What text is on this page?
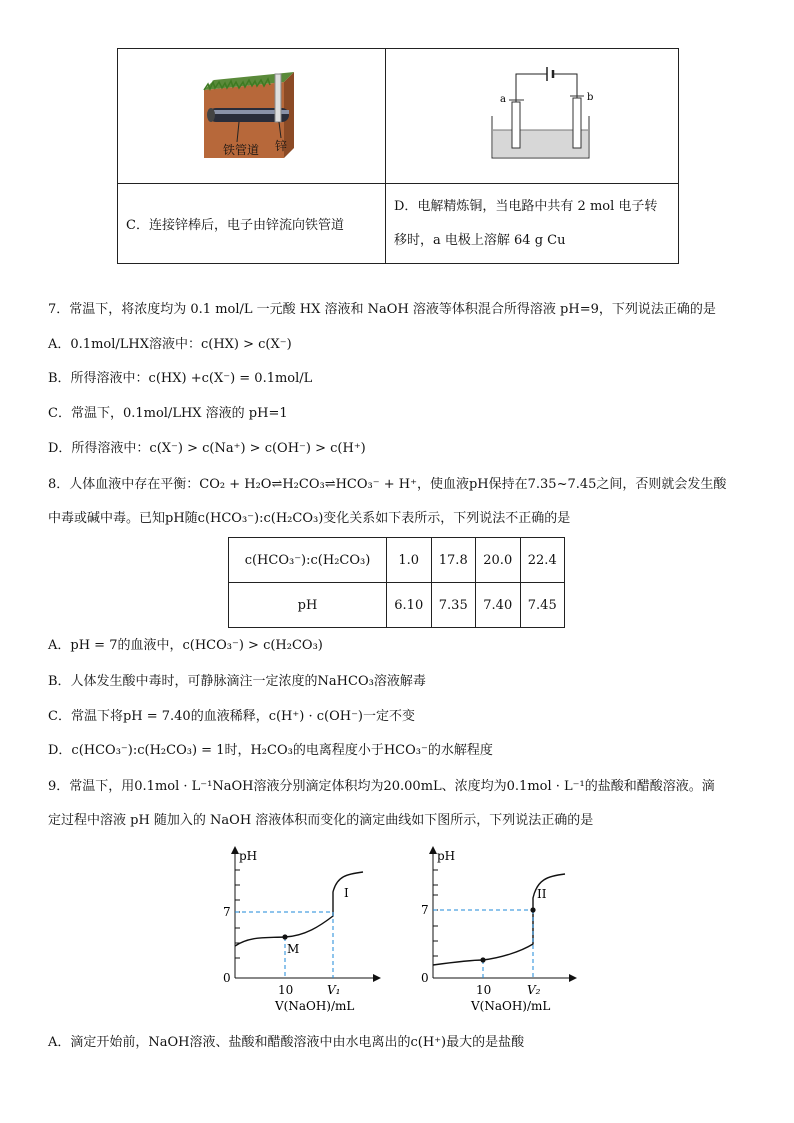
铁管道 锌	a b

C．连接锌棒后，电子由锌流向铁管道	D．电解精炼铜，当电路中共有 2 mol 电子转
移时，a 电极上溶解 64 g Cu
7．常温下，将浓度均为 0.1 mol/L 一元酸 HX 溶液和 NaOH 溶液等体积混合所得溶液 pH=9，下列说法正确的是
A．0.1mol/LHX溶液中：c(HX) > c(X⁻)
B．所得溶液中：c(HX) +c(X⁻) = 0.1mol/L
C．常温下，0.1mol/LHX 溶液的 pH=1
D．所得溶液中：c(X⁻) > c(Na⁺) > c(OH⁻) > c(H⁺)
8．人体血液中存在平衡：CO₂ + H₂O⇌H₂CO₃⇌HCO₃⁻ + H⁺，使血液pH保持在7.35~7.45之间，否则就会发生酸
中毒或碱中毒。已知pH随c(HCO₃⁻):c(H₂CO₃)变化关系如下表所示，下列说法不正确的是
c(HCO₃⁻):c(H₂CO₃)	1.0	17.8	20.0	22.4
pH	6.10	7.35	7.40	7.45
A．pH = 7的血液中，c(HCO₃⁻) > c(H₂CO₃)
B．人体发生酸中毒时，可静脉滴注一定浓度的NaHCO₃溶液解毒
C．常温下将pH = 7.40的血液稀释，c(H⁺) · c(OH⁻)一定不变
D．c(HCO₃⁻):c(H₂CO₃) = 1时，H₂CO₃的电离程度小于HCO₃⁻的水解程度
9．常温下，用0.1mol · L⁻¹NaOH溶液分别滴定体积均为20.00mL、浓度均为0.1mol · L⁻¹的盐酸和醋酸溶液。滴
定过程中溶液 pH 随加入的 NaOH 溶液体积而变化的滴定曲线如下图所示，下列说法正确的是
pH
7
0
10	V₁
M
I
V(NaOH)/mL
pH
7
0
10	V₂
II
V(NaOH)/mL
A．滴定开始前，NaOH溶液、盐酸和醋酸溶液中由水电离出的c(H⁺)最大的是盐酸
